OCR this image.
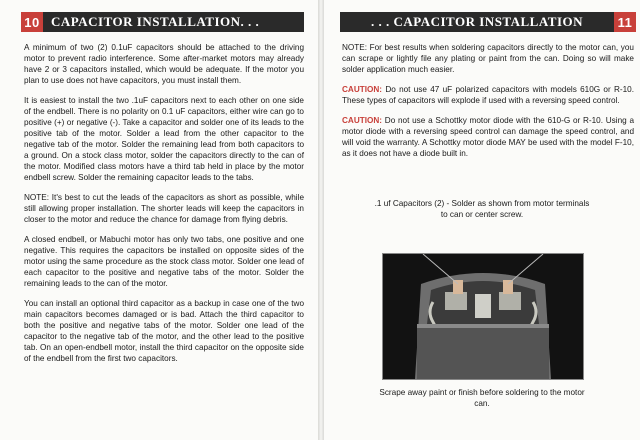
10 CAPACITOR INSTALLATION. . .

A minimum of two (2) 0.1uF capacitors should be attached to the driving motor to prevent radio interference. Some after-market motors may already have 2 or 3 capacitors installed, which would be adequate. If the motor you plan to use does not have capacitors, you must install them.

It is easiest to install the two .1uF capacitors next to each other on one side of the endbell. There is no polarity on 0.1 uF capacitors, either wire can go to positive (+) or negative (-). Take a capacitor and solder one of its leads to the positive tab of the motor. Solder a lead from the other capacitor to the negative tab of the motor. Solder the remaining lead from both capacitors to a ground. On a stock class motor, solder the capacitors directly to the can of the motor. Modified class motors have a third tab held in place by the motor endbell screw. Solder the remaining capacitor leads to the tabs.

NOTE: It's best to cut the leads of the capacitors as short as possible, while still allowing proper installation. The shorter leads will keep the capacitors in closer to the motor and reduce the chance for damage from flying debris.

A closed endbell, or Mabuchi motor has only two tabs, one positive and one negative. This requires the capacitors be installed on opposite sides of the motor using the same procedure as the stock class motor. Solder one lead of each capacitor to the positive and negative tabs of the motor. Solder the remaining leads to the can of the motor.

You can install an optional third capacitor as a backup in case one of the two main capacitors becomes damaged or is bad. Attach the third capacitor to both the positive and negative tabs of the motor. Solder one lead of the capacitor to the negative tab of the motor, and the other lead to the positive tab. On an open-endbell motor, install the third capacitor on the opposite side of the endbell from the first two capacitors.

. . . CAPACITOR INSTALLATION	11

NOTE: For best results when soldering capacitors directly to the motor can, you can scrape or lightly file any plating or paint from the can. Doing so will make solder application much easier.

CAUTION: Do not use 47 uF polarized capacitors with models 610G or R-10. These types of capacitors will explode if used with a reversing speed control.

CAUTION: Do not use a Schottky motor diode with the 610-G or R-10. Using a motor diode with a reversing speed control can damage the speed control, and will void the warranty. A Schottky motor diode MAY be used with the model F-10, as it does not have a diode built in.

.1 uf Capacitors (2) - Solder as shown from motor terminals to can or center screw.
Scrape away paint or finish before soldering to the motor can.
